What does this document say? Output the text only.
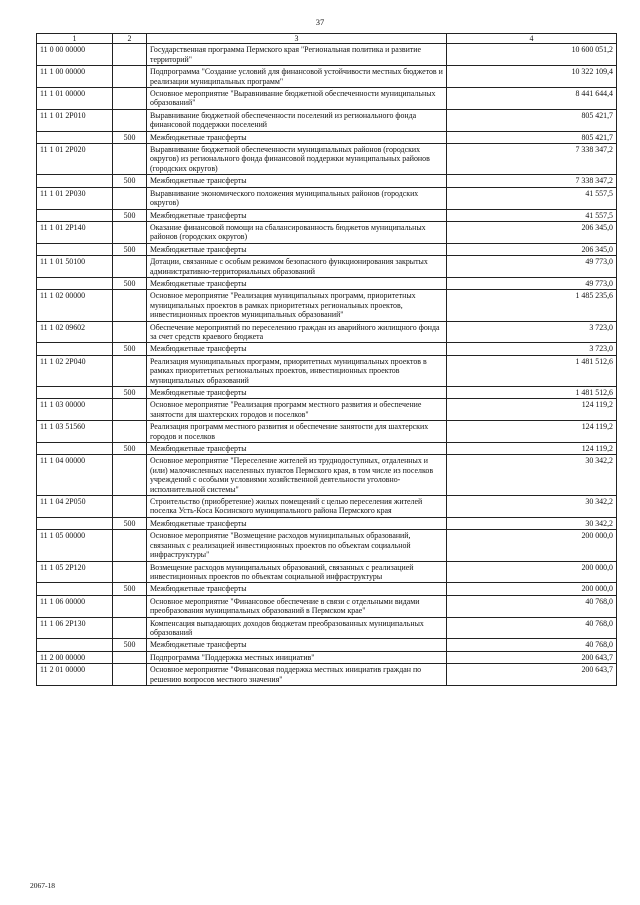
37
1	2	3	4
11 0 00 00000		Государственная программа Пермского края "Региональная политика и развитие территорий"	10 600 051,2
11 1 00 00000		Подпрограмма "Создание условий для финансовой устойчивости местных бюджетов и реализации муниципальных программ"	10 322 109,4
11 1 01 00000		Основное мероприятие "Выравнивание бюджетной обеспеченности муниципальных образований"	8 441 644,4
11 1 01 2Р010		Выравнивание бюджетной обеспеченности поселений из регионального фонда финансовой поддержки поселений	805 421,7
	500	Межбюджетные трансферты	805 421,7
11 1 01 2Р020		Выравнивание бюджетной обеспеченности муниципальных районов (городских округов) из регионального фонда финансовой поддержки муниципальных районов (городских округов)	7 338 347,2
	500	Межбюджетные трансферты	7 338 347,2
11 1 01 2Р030		Выравнивание экономического положения муниципальных районов (городских округов)	41 557,5
	500	Межбюджетные трансферты	41 557,5
11 1 01 2Р140		Оказание финансовой помощи на сбалансированность бюджетов муниципальных районов (городских округов)	206 345,0
	500	Межбюджетные трансферты	206 345,0
11 1 01 50100		Дотации, связанные с особым режимом безопасного функционирования закрытых административно-территориальных образований	49 773,0
	500	Межбюджетные трансферты	49 773,0
11 1 02 00000		Основное мероприятие "Реализация муниципальных программ, приоритетных муниципальных проектов в рамках приоритетных региональных проектов, инвестиционных проектов муниципальных образований"	1 485 235,6
11 1 02 09602		Обеспечение мероприятий по переселению граждан из аварийного жилищного фонда за счет средств краевого бюджета	3 723,0
	500	Межбюджетные трансферты	3 723,0
11 1 02 2Р040		Реализация муниципальных программ, приоритетных муниципальных проектов в рамках приоритетных региональных проектов, инвестиционных проектов муниципальных образований	1 481 512,6
	500	Межбюджетные трансферты	1 481 512,6
11 1 03 00000		Основное мероприятие "Реализация программ местного развития и обеспечение занятости для шахтерских городов и поселков"	124 119,2
11 1 03 51560		Реализация программ местного развития и обеспечение занятости для шахтерских городов и поселков	124 119,2
	500	Межбюджетные трансферты	124 119,2
11 1 04 00000		Основное мероприятие "Переселение жителей из труднодоступных, отдаленных и (или) малочисленных населенных пунктов Пермского края, в том числе из поселков учреждений с особыми условиями хозяйственной деятельности уголовно-исполнительной системы"	30 342,2
11 1 04 2Р050		Строительство (приобретение) жилых помещений с целью переселения жителей поселка Усть-Коса Косинского муниципального района Пермского края	30 342,2
	500	Межбюджетные трансферты	30 342,2
11 1 05 00000		Основное мероприятие "Возмещение расходов муниципальных образований, связанных с реализацией инвестиционных проектов по объектам социальной инфраструктуры"	200 000,0
11 1 05 2Р120		Возмещение расходов муниципальных образований, связанных с реализацией инвестиционных проектов по объектам социальной инфраструктуры	200 000,0
	500	Межбюджетные трансферты	200 000,0
11 1 06 00000		Основное мероприятие "Финансовое обеспечение в связи с отдельными видами преобразования муниципальных образований в Пермском крае"	40 768,0
11 1 06 2Р130		Компенсация выпадающих доходов бюджетам преобразованных муниципальных образований	40 768,0
	500	Межбюджетные трансферты	40 768,0
11 2 00 00000		Подпрограмма "Поддержка местных инициатив"	200 643,7
11 2 01 00000		Основное мероприятие "Финансовая поддержка местных инициатив граждан по решению вопросов местного значения"	200 643,7
2067-18
